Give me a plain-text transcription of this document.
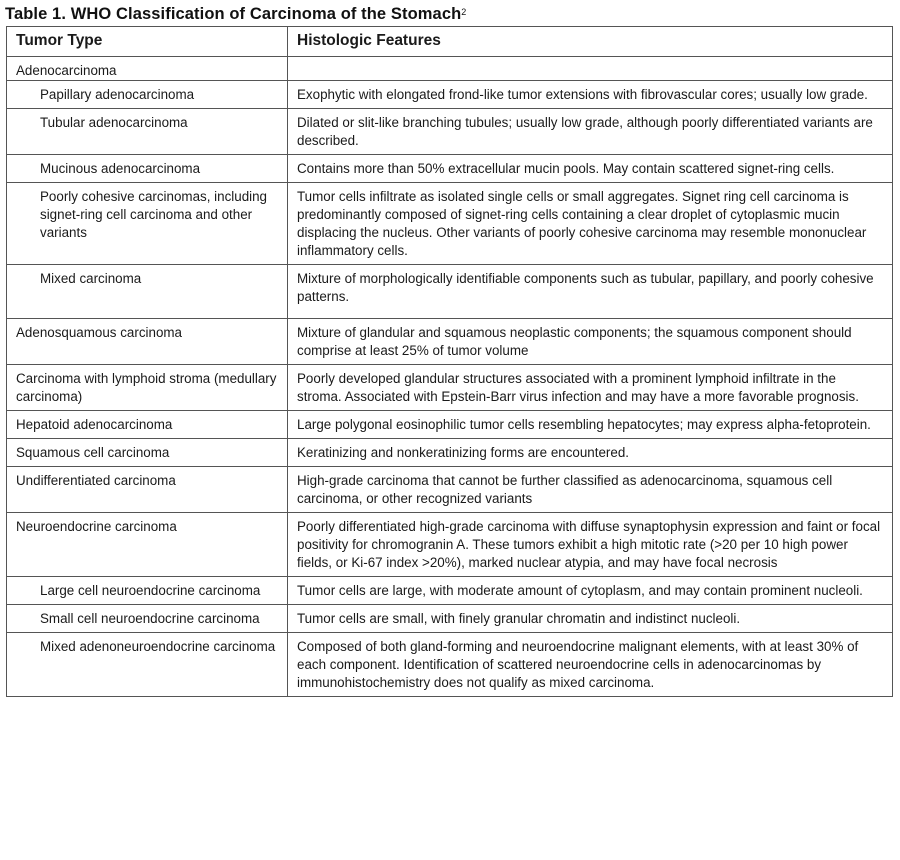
Table 1. WHO Classification of Carcinoma of the Stomach$^2$
Tumor Type	Histologic Features
Adenocarcinoma	
Papillary adenocarcinoma	Exophytic with elongated frond-like tumor extensions with fibrovascular cores; usually low grade.
Tubular adenocarcinoma	Dilated or slit-like branching tubules; usually low grade, although poorly differentiated variants are described.
Mucinous adenocarcinoma	Contains more than 50% extracellular mucin pools. May contain scattered signet-ring cells.
Poorly cohesive carcinomas, including signet-ring cell carcinoma and other variants	Tumor cells infiltrate as isolated single cells or small aggregates. Signet ring cell carcinoma is predominantly composed of signet-ring cells containing a clear droplet of cytoplasmic mucin displacing the nucleus. Other variants of poorly cohesive carcinoma may resemble mononuclear inflammatory cells.
Mixed carcinoma	Mixture of morphologically identifiable components such as tubular, papillary, and poorly cohesive patterns.
Adenosquamous carcinoma	Mixture of glandular and squamous neoplastic components; the squamous component should comprise at least 25% of tumor volume
Carcinoma with lymphoid stroma (medullary carcinoma)	Poorly developed glandular structures associated with a prominent lymphoid infiltrate in the stroma. Associated with Epstein-Barr virus infection and may have a more favorable prognosis.
Hepatoid adenocarcinoma	Large polygonal eosinophilic tumor cells resembling hepatocytes; may express alpha-fetoprotein.
Squamous cell carcinoma	Keratinizing and nonkeratinizing forms are encountered.
Undifferentiated carcinoma	High-grade carcinoma that cannot be further classified as adenocarcinoma, squamous cell carcinoma, or other recognized variants
Neuroendocrine carcinoma	Poorly differentiated high-grade carcinoma with diffuse synaptophysin expression and faint or focal positivity for chromogranin A. These tumors exhibit a high mitotic rate (>20 per 10 high power fields, or Ki-67 index >20%), marked nuclear atypia, and may have focal necrosis
Large cell neuroendocrine carcinoma	Tumor cells are large, with moderate amount of cytoplasm, and may contain prominent nucleoli.
Small cell neuroendocrine carcinoma	Tumor cells are small, with finely granular chromatin and indistinct nucleoli.
Mixed adenoneuroendocrine carcinoma	Composed of both gland-forming and neuroendocrine malignant elements, with at least 30% of each component. Identification of scattered neuroendocrine cells in adenocarcinomas by immunohistochemistry does not qualify as mixed carcinoma.
